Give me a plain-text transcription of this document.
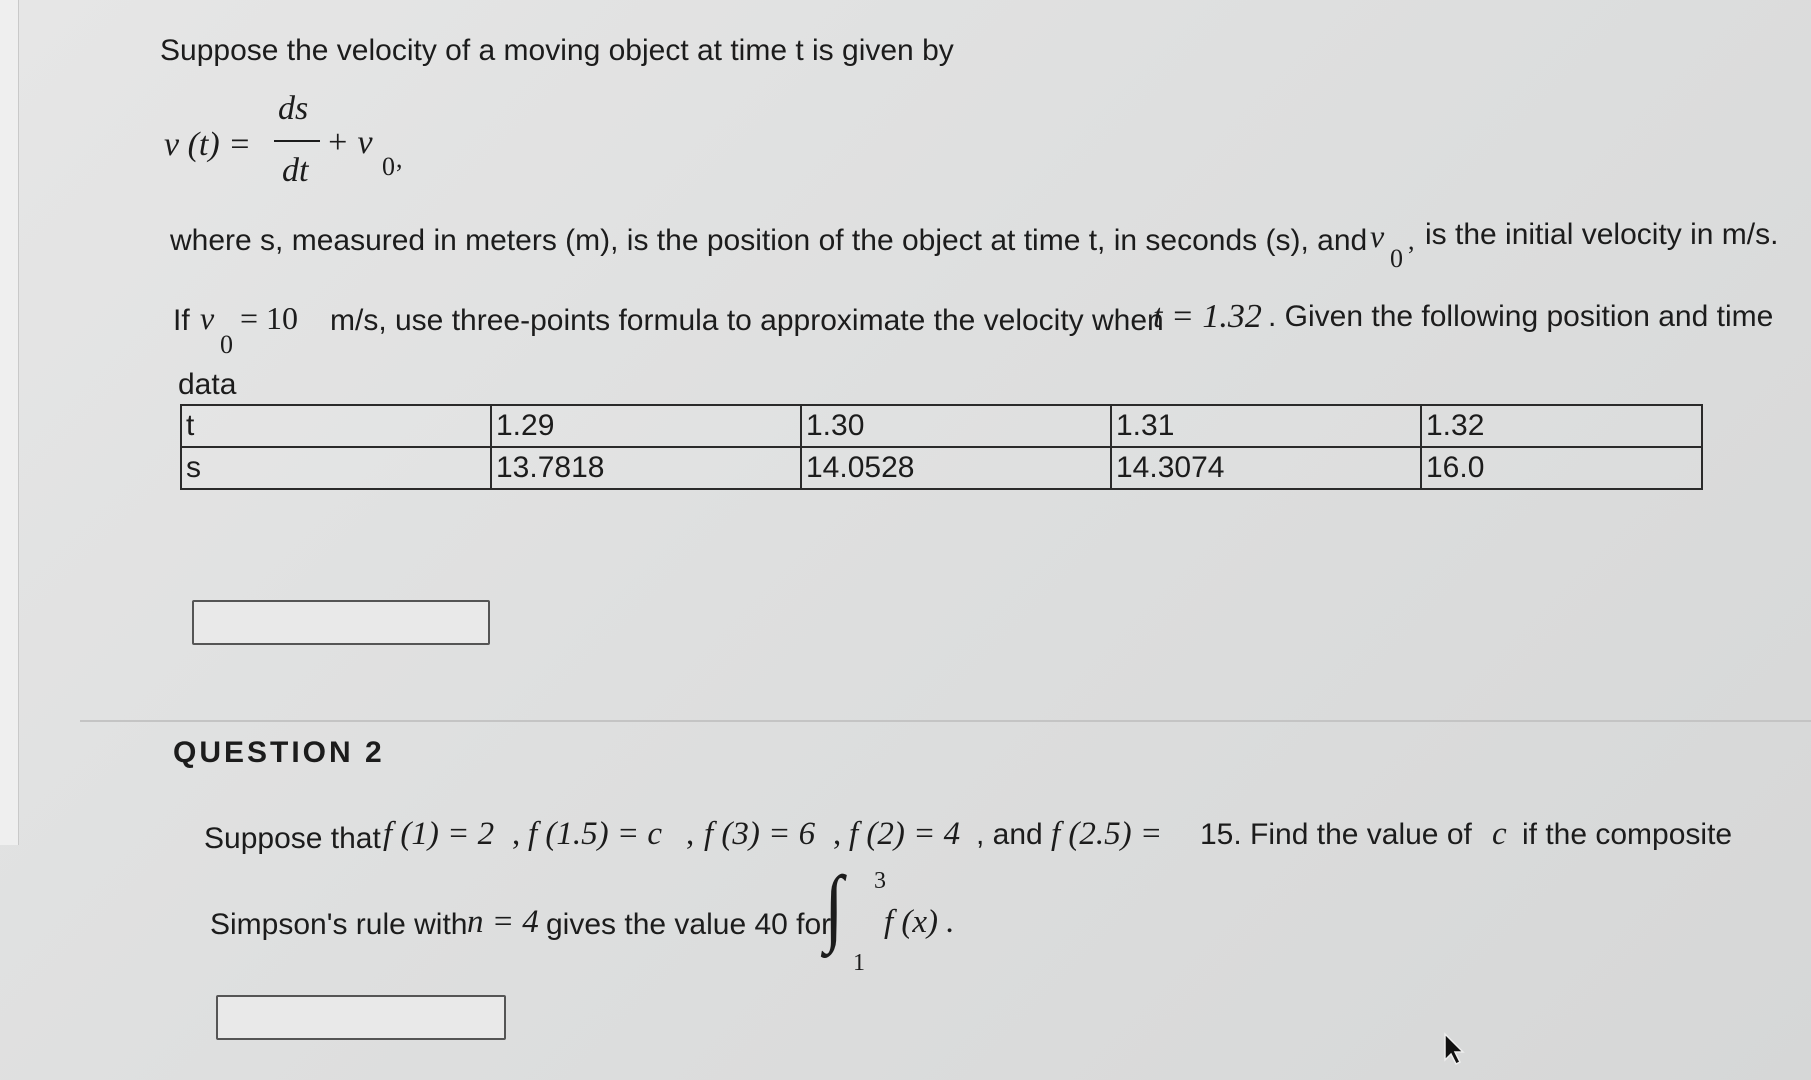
Suppose the velocity of a moving object at time t is given by
v (t) =
ds
dt
+ v
0 ,
where s, measured in meters (m), is the position of the object at time t, in seconds (s), and v
0
, is the initial velocity in m/s.
If v
0
= 10 m/s, use three-points formula to approximate the velocity when
t = 1.32 . Given the following position and time
data
t	1.29	1.30	1.31	1.32
s	13.7818	14.0528	14.3074	16.0
QUESTION 2
Suppose that f (1) = 2 , f (1.5) = c , f (3) = 6 , f (2) = 4 , and f (2.5) = 15. Find the value of c if the composite
Simpson's rule with n = 4 gives the value 40 for
∫ 3
1
f (x) .
